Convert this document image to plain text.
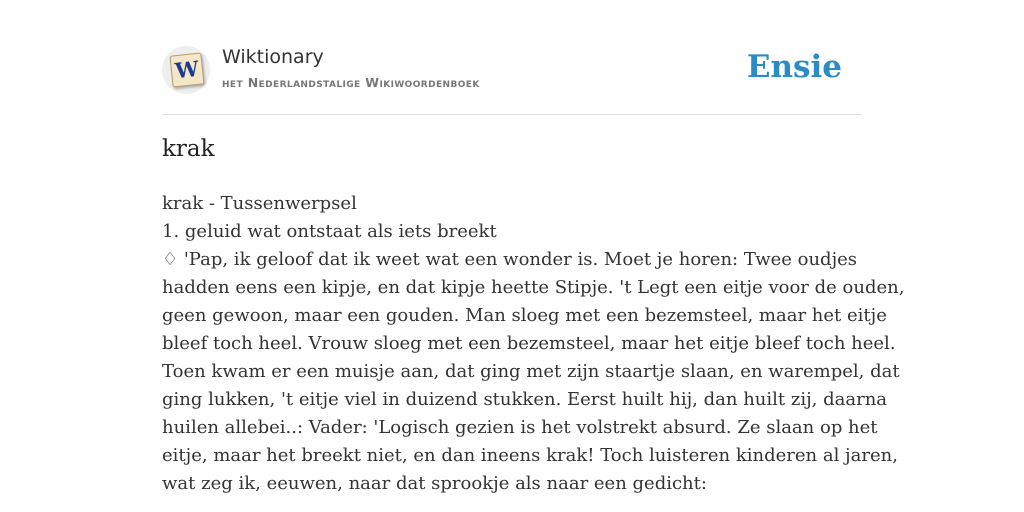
W Wiktionary
het Nederlandstalige Wikiwoordenboek	Ensie
krak
krak - Tussenwerpsel
1. geluid wat ontstaat als iets breekt
♢ 'Pap, ik geloof dat ik weet wat een wonder is. Moet je horen: Twee oudjes
hadden eens een kipje, en dat kipje heette Stipje. 't Legt een eitje voor de ouden,
geen gewoon, maar een gouden. Man sloeg met een bezemsteel, maar het eitje
bleef toch heel. Vrouw sloeg met een bezemsteel, maar het eitje bleef toch heel.
Toen kwam er een muisje aan, dat ging met zijn staartje slaan, en warempel, dat
ging lukken, 't eitje viel in duizend stukken. Eerst huilt hij, dan huilt zij, daarna
huilen allebei..: Vader: 'Logisch gezien is het volstrekt absurd. Ze slaan op het
eitje, maar het breekt niet, en dan ineens krak! Toch luisteren kinderen al jaren,
wat zeg ik, eeuwen, naar dat sprookje als naar een gedicht:
